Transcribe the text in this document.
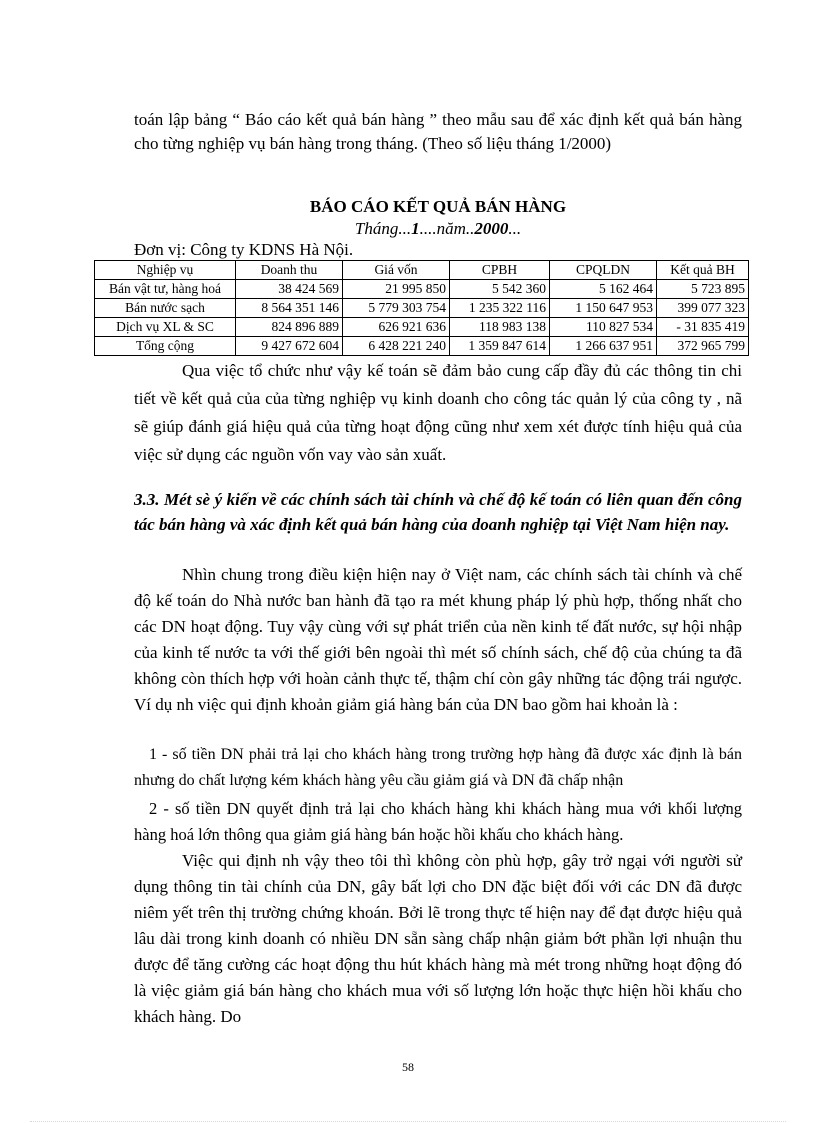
toán lập bảng “ Báo cáo kết quả bán hàng ” theo mẫu sau để xác định kết quả bán hàng cho từng nghiệp vụ bán hàng trong tháng. (Theo số liệu tháng 1/2000)

BÁO CÁO KẾT QUẢ BÁN HÀNG

Tháng...1....năm..2000...

Đơn vị: Công ty KDNS Hà Nội.

Nghiệp vụ	Doanh thu	Giá vốn	CPBH	CPQLDN	Kết quả BH
Bán vật tư, hàng hoá	38 424 569	21 995 850	5 542 360	5 162 464	5 723 895
Bán nước sạch	8 564 351 146	5 779 303 754	1 235 322 116	1 150 647 953	399 077 323
Dịch vụ XL & SC	824 896 889	626 921 636	118 983 138	110 827 534	- 31 835 419
Tổng cộng	9 427 672 604	6 428 221 240	1 359 847 614	1 266 637 951	372 965 799

Qua việc tổ chức như vậy kế toán sẽ đảm bảo cung cấp đầy đủ các thông tin chi tiết về kết quả của của từng nghiệp vụ kinh doanh cho công tác quản lý của công ty , nã sẽ giúp đánh giá hiệu quả của từng hoạt động cũng như xem xét được tính hiệu quả của việc sử dụng các nguồn vốn vay vào sản xuất.

3.3. Mét sè ý kiến về các chính sách tài chính và chế độ kế toán có liên quan đến công tác bán hàng và xác định kết quả bán hàng của doanh nghiệp tại Việt Nam hiện nay.

Nhìn chung trong điều kiện hiện nay ở Việt nam, các chính sách tài chính và chế độ kế toán do Nhà nước ban hành đã tạo ra mét khung pháp lý phù hợp, thống nhất cho các DN hoạt động. Tuy vậy cùng với sự phát triển của nền kinh tế đất nước, sự hội nhập của kinh tế nước ta với thế giới bên ngoài thì mét số chính sách, chế độ của chúng ta đã không còn thích hợp với hoàn cảnh thực tế, thậm chí còn gây những tác động trái ngược. Ví dụ nh việc qui định khoản giảm giá hàng bán của DN bao gồm hai khoản là :

1 - số tiền DN phải trả lại cho khách hàng trong trường hợp hàng đã được xác định là bán nhưng do chất lượng kém khách hàng yêu cầu giảm giá và DN đã chấp nhận

2 - số tiền DN quyết định trả lại cho khách hàng khi khách hàng mua với khối lượng hàng hoá lớn thông qua giảm giá hàng bán hoặc hồi khấu cho khách hàng.

Việc qui định nh vậy theo tôi thì không còn phù hợp, gây trở ngại với người sử dụng thông tin tài chính của DN, gây bất lợi cho DN đặc biệt đối với các DN đã được niêm yết trên thị trường chứng khoán. Bởi lẽ trong thực tế hiện nay để đạt được hiệu quả lâu dài trong kinh doanh có nhiều DN sẵn sàng chấp nhận giảm bớt phần lợi nhuận thu được để tăng cường các hoạt động thu hút khách hàng mà mét trong những hoạt động đó là việc giảm giá bán hàng cho khách mua với số lượng lớn hoặc thực hiện hồi khấu cho khách hàng. Do

58
